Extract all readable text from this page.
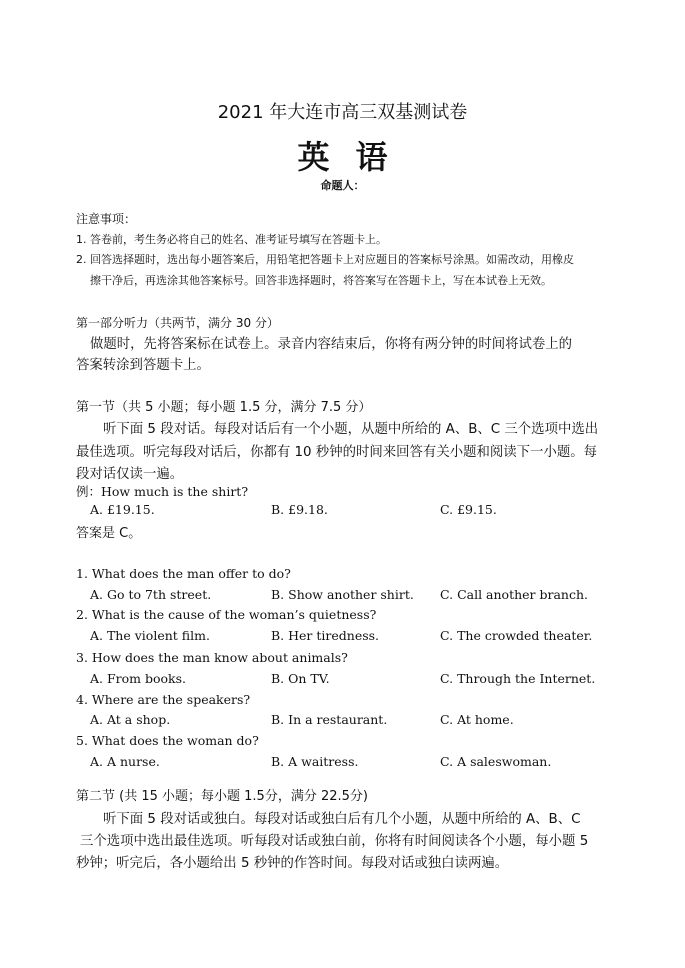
2021 年大连市高三双基测试卷
英 语
命题人：
注意事项：
1. 答卷前，考生务必将自己的姓名、准考证号填写在答题卡上。
2. 回答选择题时，选出每小题答案后，用铅笔把答题卡上对应题目的答案标号涂黑。如需改动，用橡皮
擦干净后，再选涂其他答案标号。回答非选择题时，将答案写在答题卡上，写在本试卷上无效。
第一部分听力（共两节，满分 30 分）
做题时，先将答案标在试卷上。录音内容结束后，你将有两分钟的时间将试卷上的
答案转涂到答题卡上。
第一节（共 5 小题；每小题 1.5 分，满分 7.5 分）
听下面 5 段对话。每段对话后有一个小题，从题中所给的 A、B、C 三个选项中选出
最佳选项。听完每段对话后，你都有 10 秒钟的时间来回答有关小题和阅读下一小题。每
段对话仅读一遍。
例：How much is the shirt?
A. £19.15.	B. £9.18.	C. £9.15.
答案是 C。
1. What does the man offer to do?
A. Go to 7th street.	B. Show another shirt. C. Call another branch.
2. What is the cause of the woman’s quietness?
A. The violent film.	B. Her tiredness.	C. The crowded theater.
3. How does the man know about animals?
A. From books.	B. On TV.	C. Through the Internet.
4. Where are the speakers?
A. At a shop.	B. In a restaurant.	C. At home.
5. What does the woman do?
A. A nurse.	B. A waitress.	C. A saleswoman.
第二节 (共 15 小题；每小题 1.5分，满分 22.5分)
听下面 5 段对话或独白。每段对话或独白后有几个小题，从题中所给的 A、B、C
三个选项中选出最佳选项。听每段对话或独白前，你将有时间阅读各个小题，每小题 5
秒钟；听完后，各小题给出 5 秒钟的作答时间。每段对话或独白读两遍。
